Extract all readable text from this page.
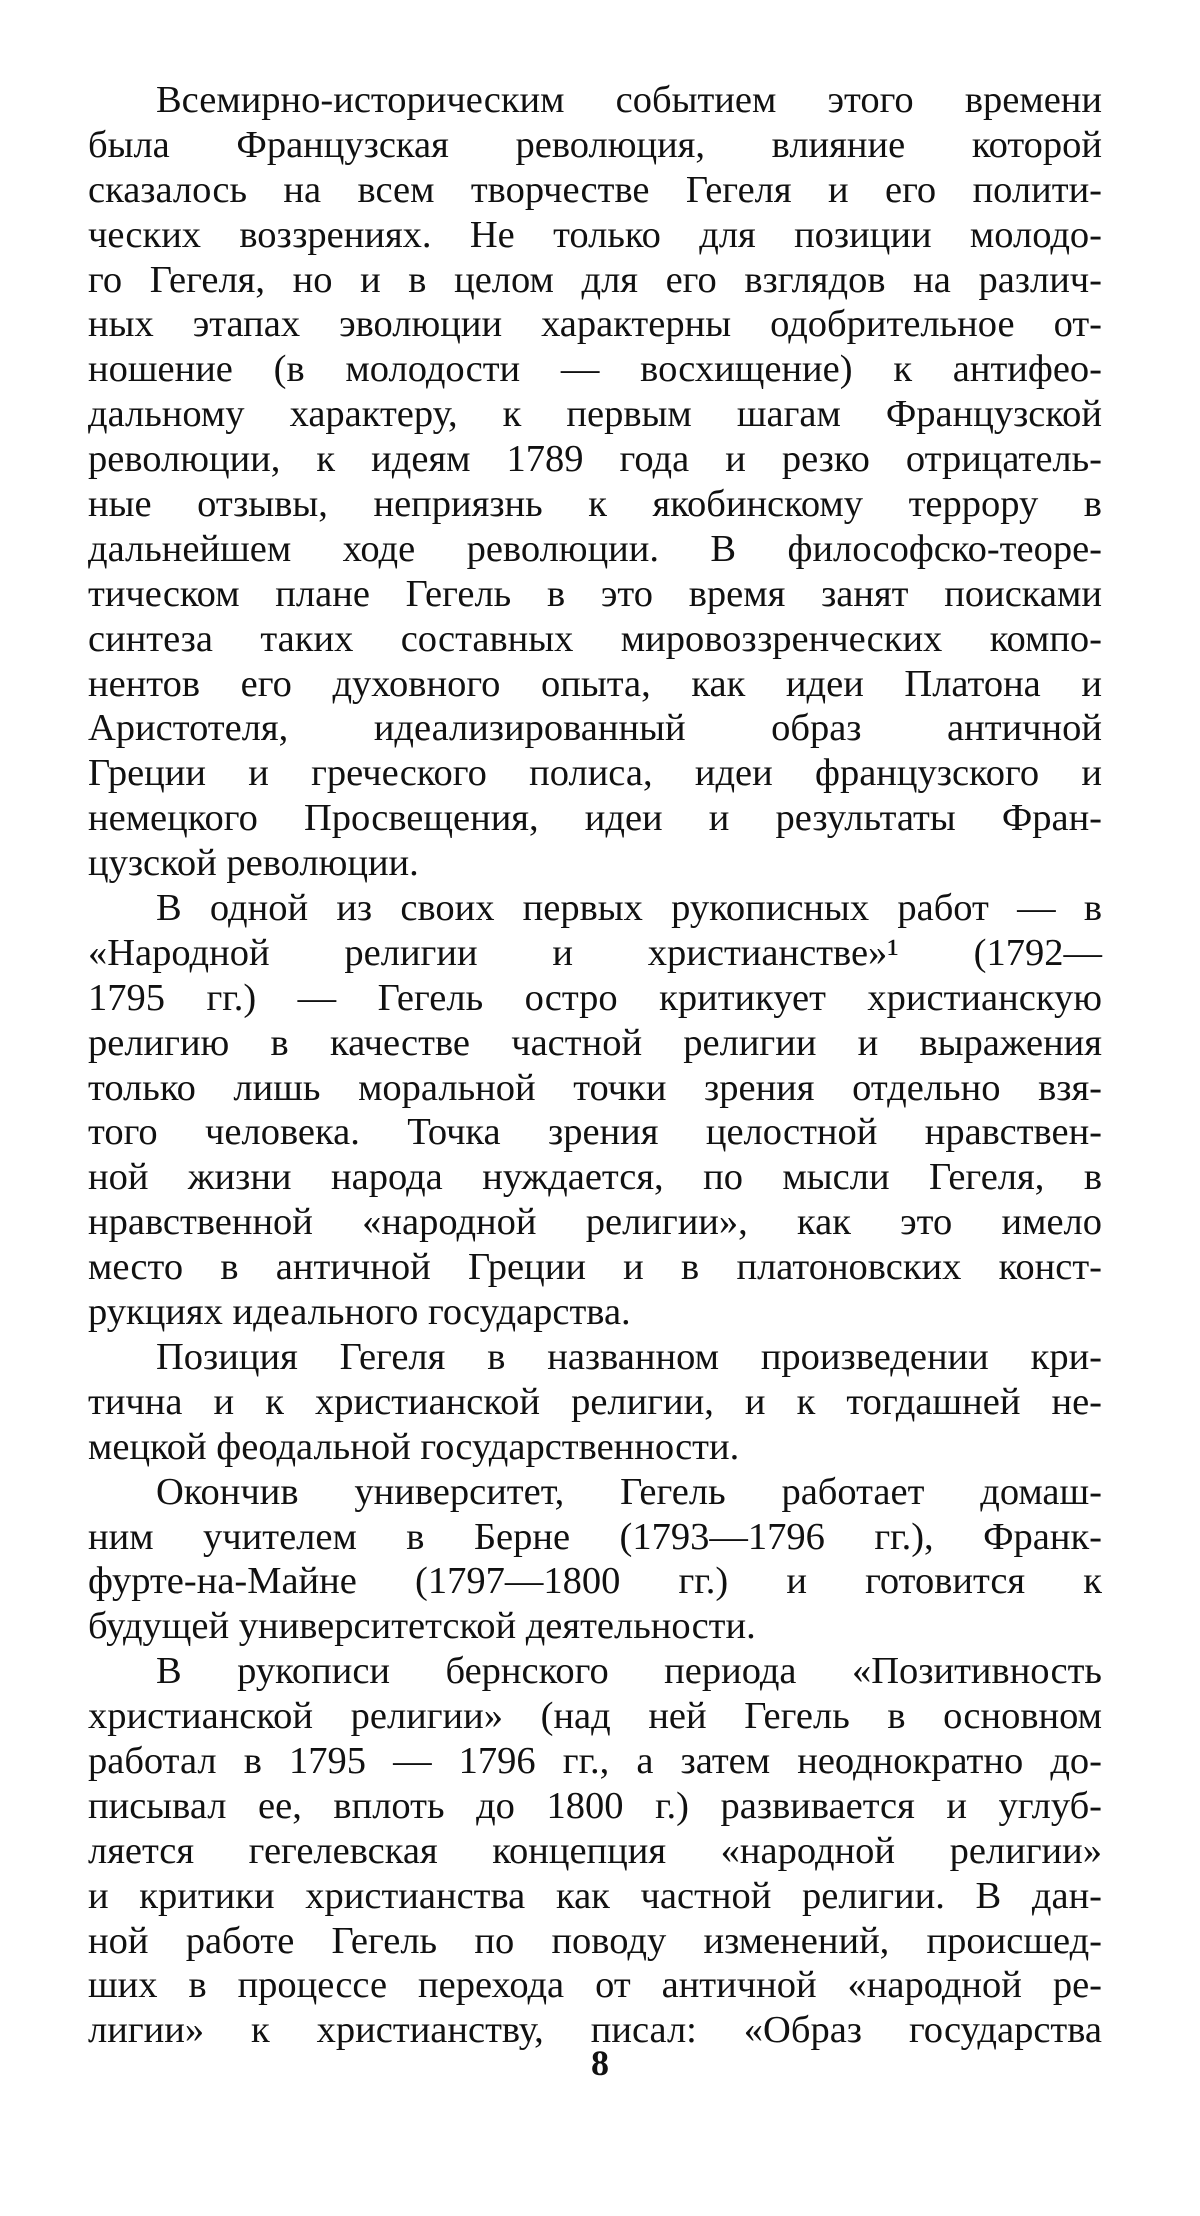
Всемирно-историческим событием этого времени
была Французская революция, влияние которой
сказалось на всем творчестве Гегеля и его полити-
ческих воззрениях. Не только для позиции молодо-
го Гегеля, но и в целом для его взглядов на различ-
ных этапах эволюции характерны одобрительное от-
ношение (в молодости — восхищение) к антифео-
дальному характеру, к первым шагам Французской
революции, к идеям 1789 года и резко отрицатель-
ные отзывы, неприязнь к якобинскому террору в
дальнейшем ходе революции. В философско-теоре-
тическом плане Гегель в это время занят поисками
синтеза таких составных мировоззренческих компо-
нентов его духовного опыта, как идеи Платона и
Аристотеля, идеализированный образ античной
Греции и греческого полиса, идеи французского и
немецкого Просвещения, идеи и результаты Фран-
цузской революции.
В одной из своих первых рукописных работ — в
«Народной религии и христианстве»¹ (1792—
1795 гг.) — Гегель остро критикует христианскую
религию в качестве частной религии и выражения
только лишь моральной точки зрения отдельно взя-
того человека. Точка зрения целостной нравствен-
ной жизни народа нуждается, по мысли Гегеля, в
нравственной «народной религии», как это имело
место в античной Греции и в платоновских конст-
рукциях идеального государства.
Позиция Гегеля в названном произведении кри-
тична и к христианской религии, и к тогдашней не-
мецкой феодальной государственности.
Окончив университет, Гегель работает домаш-
ним учителем в Берне (1793—1796 гг.), Франк-
фурте-на-Майне (1797—1800 гг.) и готовится к
будущей университетской деятельности.
В рукописи бернского периода «Позитивность
христианской религии» (над ней Гегель в основном
работал в 1795 — 1796 гг., а затем неоднократно до-
писывал ее, вплоть до 1800 г.) развивается и углуб-
ляется гегелевская концепция «народной религии»
и критики христианства как частной религии. В дан-
ной работе Гегель по поводу изменений, происшед-
ших в процессе перехода от античной «народной ре-
лигии» к христианству, писал: «Образ государства
8
